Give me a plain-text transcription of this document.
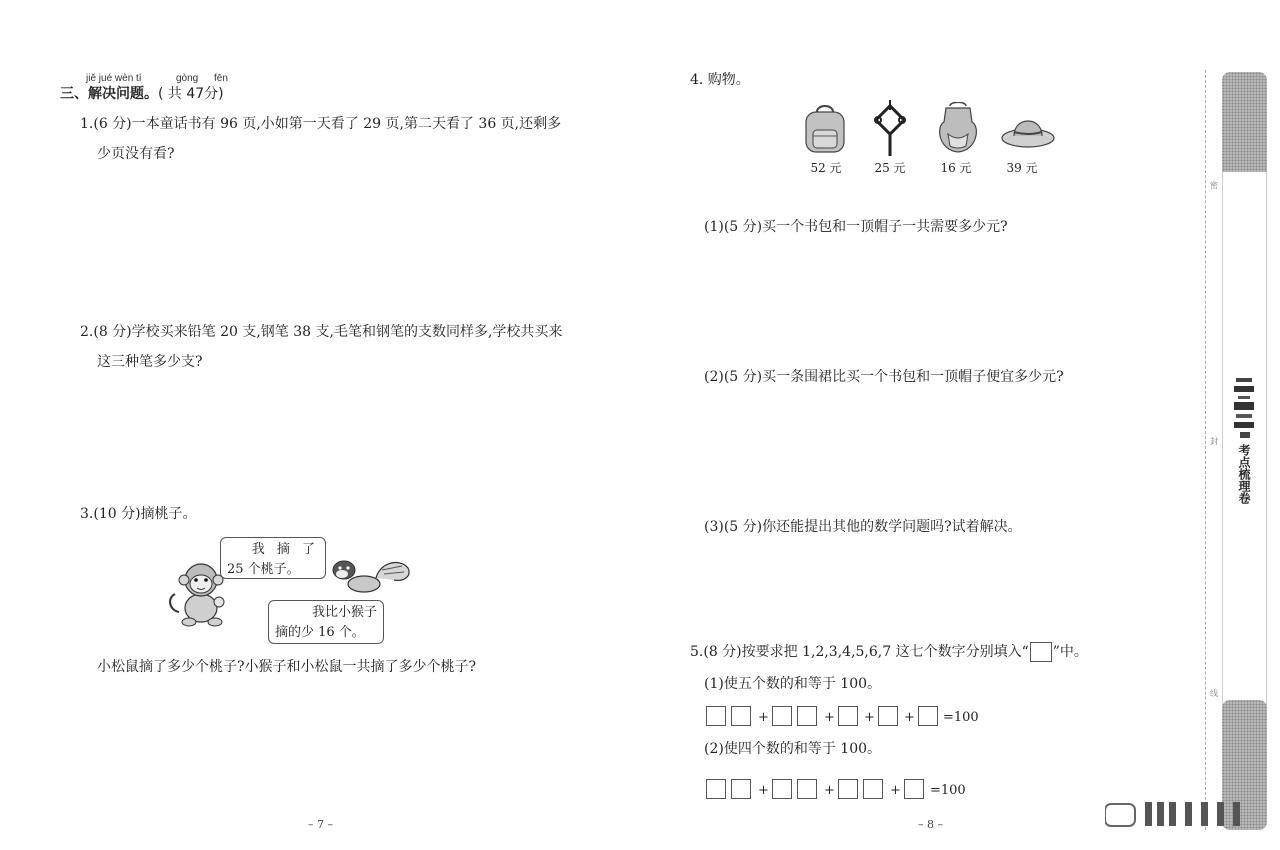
jiě jué wèn tí	gòng fēn
三、解决问题。( 共 47分)
1.(6 分)一本童话书有 96 页,小如第一天看了 29 页,第二天看了 36 页,还剩多
少页没有看?
2.(8 分)学校买来铅笔 20 支,钢笔 38 支,毛笔和钢笔的支数同样多,学校共买来
这三种笔多少支?
3.(10 分)摘桃子。
我 摘 了
25 个桃子。
我比小猴子
摘的少 16 个。
小松鼠摘了多少个桃子?小猴子和小松鼠一共摘了多少个桃子?
– 7 –
4. 购物。
52 元	25 元	16 元	39 元
(1)(5 分)买一个书包和一顶帽子一共需要多少元?
(2)(5 分)买一条围裙比买一个书包和一顶帽子便宜多少元?
(3)(5 分)你还能提出其他的数学问题吗?试着解决。
5.(8 分)按要求把 1,2,3,4,5,6,7 这七个数字分别填入“ ”中。
(1)使五个数的和等于 100。
+	+ + + =100
(2)使四个数的和等于 100。
+	+	+ =100
– 8 –
密
封
线
考点梳理卷
